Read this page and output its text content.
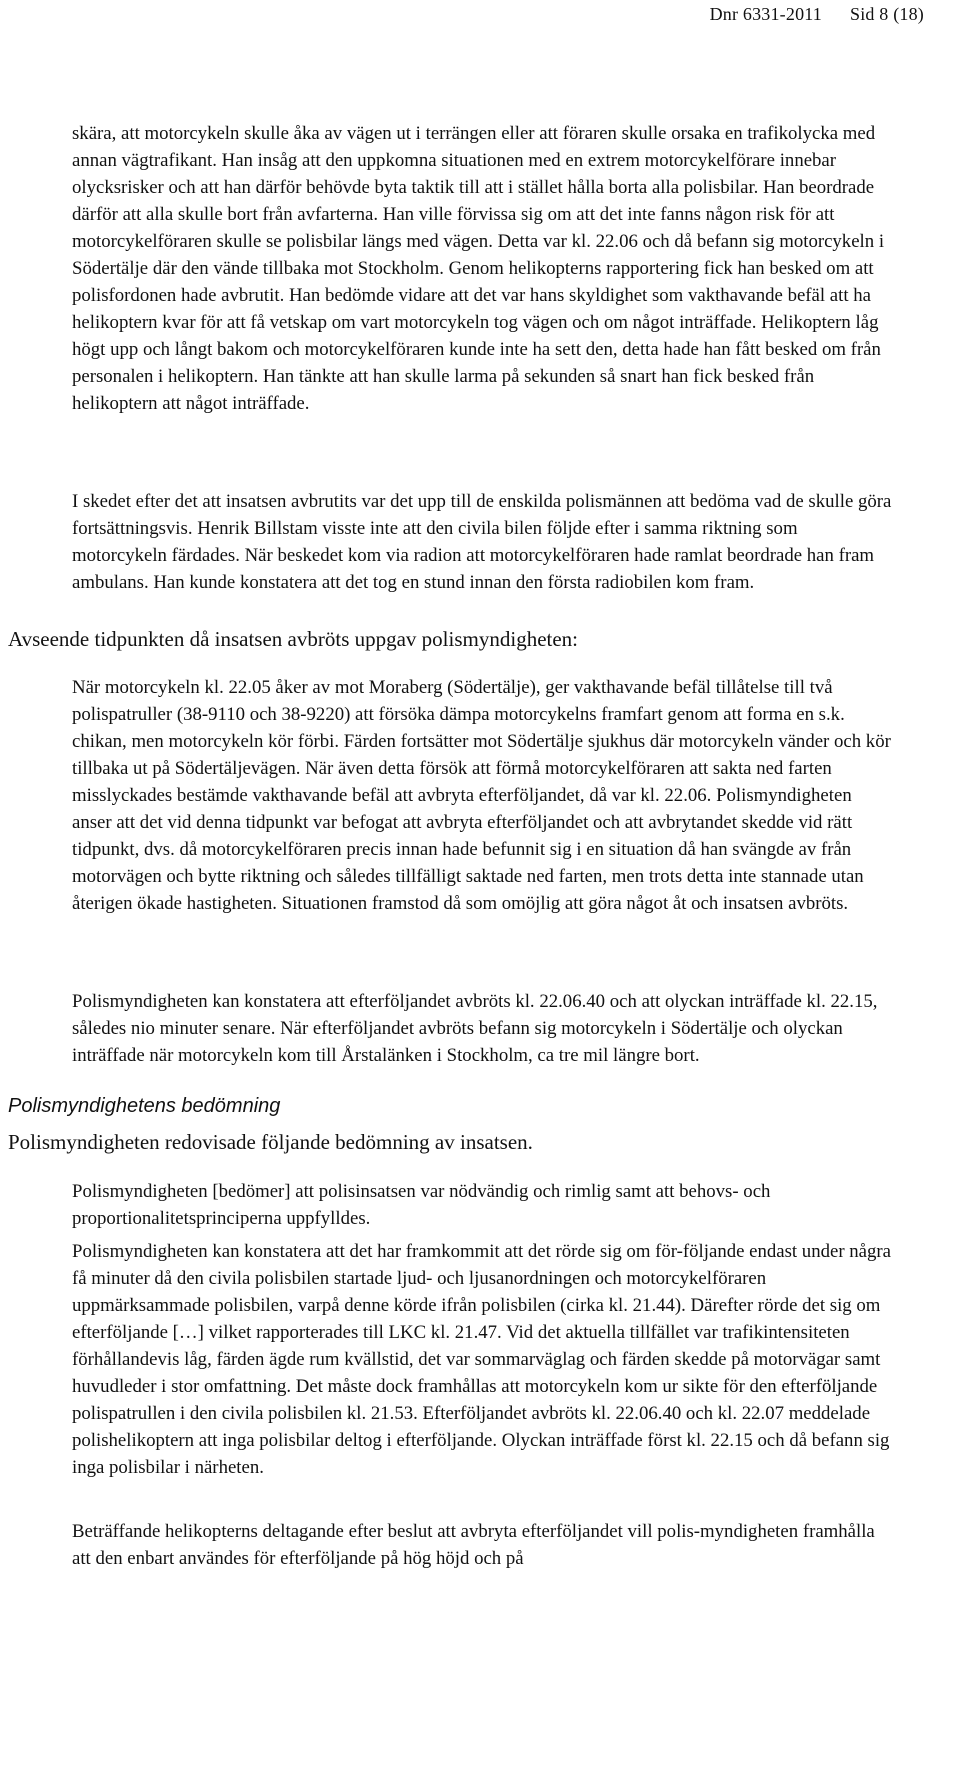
Dnr 6331-2011 Sid 8 (18)

skära, att motorcykeln skulle åka av vägen ut i terrängen eller att föraren skulle orsaka en trafikolycka med annan vägtrafikant. Han insåg att den uppkomna situationen med en extrem motorcykelförare innebar olycksrisker och att han därför behövde byta taktik till att i stället hålla borta alla polisbilar. Han beordrade därför att alla skulle bort från avfarterna. Han ville förvissa sig om att det inte fanns någon risk för att motorcykelföraren skulle se polisbilar längs med vägen. Detta var kl. 22.06 och då befann sig motorcykeln i Södertälje där den vände tillbaka mot Stockholm. Genom helikopterns rapportering fick han besked om att polisfordonen hade avbrutit. Han bedömde vidare att det var hans skyldighet som vakthavande befäl att ha helikoptern kvar för att få vetskap om vart motorcykeln tog vägen och om något inträffade. Helikoptern låg högt upp och långt bakom och motorcykelföraren kunde inte ha sett den, detta hade han fått besked om från personalen i helikoptern. Han tänkte att han skulle larma på sekunden så snart han fick besked från helikoptern att något inträffade.

I skedet efter det att insatsen avbrutits var det upp till de enskilda polismännen att bedöma vad de skulle göra fortsättningsvis. Henrik Billstam visste inte att den civila bilen följde efter i samma riktning som motorcykeln färdades. När beskedet kom via radion att motorcykelföraren hade ramlat beordrade han fram ambulans. Han kunde konstatera att det tog en stund innan den första radiobilen kom fram.

Avseende tidpunkten då insatsen avbröts uppgav polismyndigheten:

När motorcykeln kl. 22.05 åker av mot Moraberg (Södertälje), ger vakthavande befäl tillåtelse till två polispatruller (38-9110 och 38-9220) att försöka dämpa motorcykelns framfart genom att forma en s.k. chikan, men motorcykeln kör förbi. Färden fortsätter mot Södertälje sjukhus där motorcykeln vänder och kör tillbaka ut på Södertäljevägen. När även detta försök att förmå motorcykelföraren att sakta ned farten misslyckades bestämde vakthavande befäl att avbryta efterföljandet, då var kl. 22.06. Polismyndigheten anser att det vid denna tidpunkt var befogat att avbryta efterföljandet och att avbrytandet skedde vid rätt tidpunkt, dvs. då motorcykelföraren precis innan hade befunnit sig i en situation då han svängde av från motorvägen och bytte riktning och således tillfälligt saktade ned farten, men trots detta inte stannade utan återigen ökade hastigheten. Situationen framstod då som omöjlig att göra något åt och insatsen avbröts.

Polismyndigheten kan konstatera att efterföljandet avbröts kl. 22.06.40 och att olyckan inträffade kl. 22.15, således nio minuter senare. När efterföljandet avbröts befann sig motorcykeln i Södertälje och olyckan inträffade när motorcykeln kom till Årstalänken i Stockholm, ca tre mil längre bort.

Polismyndighetens bedömning
Polismyndigheten redovisade följande bedömning av insatsen.

Polismyndigheten [bedömer] att polisinsatsen var nödvändig och rimlig samt att behovs- och proportionalitetsprinciperna uppfylldes.

Polismyndigheten kan konstatera att det har framkommit att det rörde sig om för-följande endast under några få minuter då den civila polisbilen startade ljud- och ljusanordningen och motorcykelföraren uppmärksammade polisbilen, varpå denne körde ifrån polisbilen (cirka kl. 21.44). Därefter rörde det sig om efterföljande […] vilket rapporterades till LKC kl. 21.47. Vid det aktuella tillfället var trafikintensiteten förhållandevis låg, färden ägde rum kvällstid, det var sommarväglag och färden skedde på motorvägar samt huvudleder i stor omfattning. Det måste dock framhållas att motorcykeln kom ur sikte för den efterföljande polispatrullen i den civila polisbilen kl. 21.53. Efterföljandet avbröts kl. 22.06.40 och kl. 22.07 meddelade polishelikoptern att inga polisbilar deltog i efterföljande. Olyckan inträffade först kl. 22.15 och då befann sig inga polisbilar i närheten.

Beträffande helikopterns deltagande efter beslut att avbryta efterföljandet vill polis-myndigheten framhålla att den enbart användes för efterföljande på hög höjd och på
